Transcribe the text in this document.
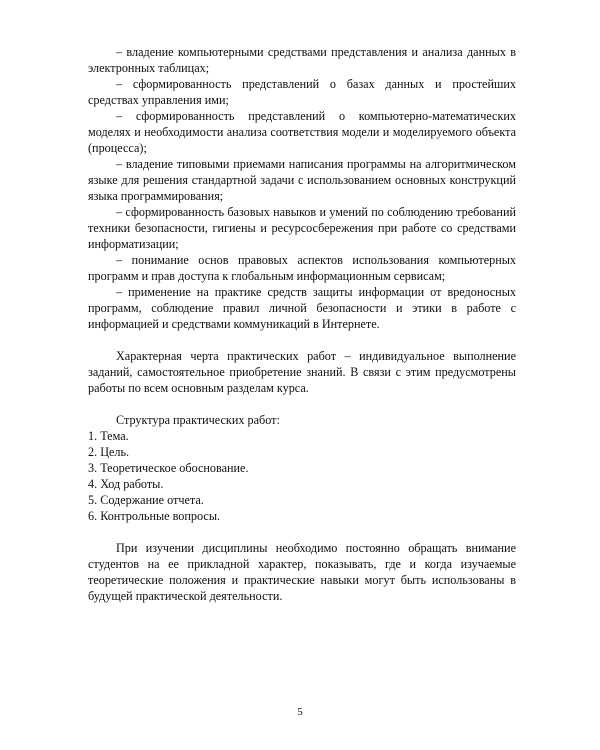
– владение компьютерными средствами представления и анализа данных в электронных таблицах;

– сформированность представлений о базах данных и простейших средствах управления ими;

– сформированность представлений о компьютерно-математических моделях и необходимости анализа соответствия модели и моделируемого объекта (процесса);

– владение типовыми приемами написания программы на алгоритмическом языке для решения стандартной задачи с использованием основных конструкций языка программирования;

– сформированность базовых навыков и умений по соблюдению требований техники безопасности, гигиены и ресурсосбережения при работе со средствами информатизации;

– понимание основ правовых аспектов использования компьютерных программ и прав доступа к глобальным информационным сервисам;

– применение на практике средств защиты информации от вредоносных программ, соблюдение правил личной безопасности и этики в работе с информацией и средствами коммуникаций в Интернете.

Характерная черта практических работ – индивидуальное выполнение заданий, самостоятельное приобретение знаний. В связи с этим предусмотрены работы по всем основным разделам курса.

Структура практических работ:

1. Тема.

2. Цель.

3. Теоретическое обоснование.

4. Ход работы.

5. Содержание отчета.

6. Контрольные вопросы.

При изучении дисциплины необходимо постоянно обращать внимание студентов на ее прикладной характер, показывать, где и когда изучаемые теоретические положения и практические навыки могут быть использованы в будущей практической деятельности.

5
